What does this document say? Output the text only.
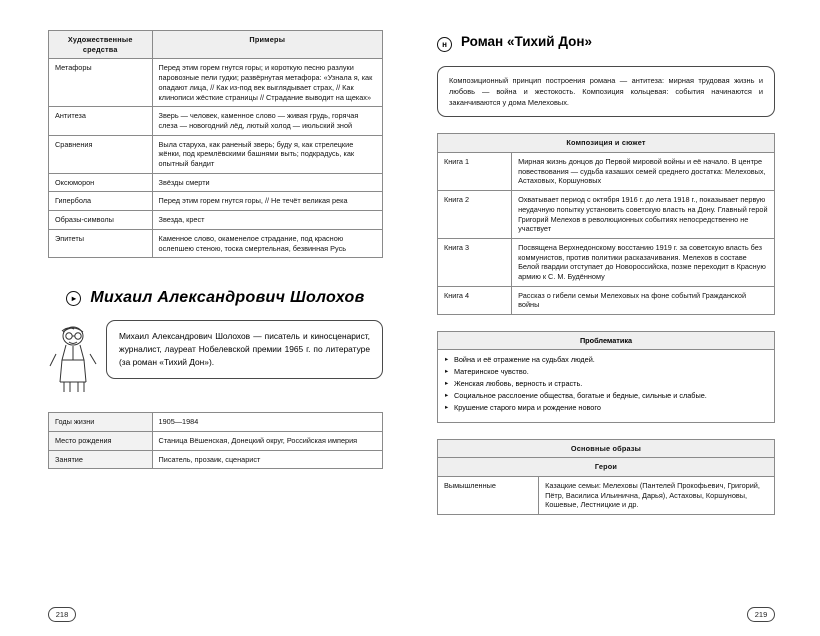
Художественные средства	Примеры
Метафоры	Перед этим горем гнутся горы; и короткую песню разлуки паровозные пели гудки; развёрнутая метафора: «Узнала я, как опадают лица, // Как из-под век выглядывает страх, // Как клинописи жёсткие страницы // Страдание выводит на щеках»
Антитеза	Зверь — человек, каменное слово — живая грудь, горячая слеза — новогодний лёд, лютый холод — июльский зной
Сравнения	Выла старуха, как раненый зверь; буду я, как стрелецкие жёнки, под кремлёвскими башнями выть; подкрадусь, как опытный бандит
Оксюморон	Звёзды смерти
Гипербола	Перед этим горем гнутся горы, // Не течёт великая река
Образы-символы	Звезда, крест
Эпитеты	Каменное слово, окаменелое страдание, под красною ослепшею стеною, тоска смертельная, безвинная Русь
▸ Михаил Александрович Шолохов
Михаил Александрович Шолохов — писатель и киносценарист, журналист, лауреат Нобелевской премии 1965 г. по литературе (за роман «Тихий Дон»).
Годы жизни	1905—1984
Место рождения	Станица Вёшенская, Донецкий округ, Российская империя
Занятие	Писатель, прозаик, сценарист
н	Роман «Тихий Дон»
Композиционный принцип построения романа — антитеза: мирная трудовая жизнь и любовь — война и жестокость. Композиция кольцевая: события начинаются и заканчиваются у дома Мелеховых.
Композиция и сюжет	
Книга 1	Мирная жизнь донцов до Первой мировой войны и её начало. В центре повествования — судьба казаших семей среднего достатка: Мелеховых, Астаховых, Коршуновых
Книга 2	Охватывает период с октября 1916 г. до лета 1918 г., показывает первую неудачную попытку установить советскую власть на Дону. Главный герой Григорий Мелехов в революционных событиях непосредственно не участвует
Книга 3	Посвящена Верхнедонскому восстанию 1919 г. за советскую власть без коммунистов, против политики расказачивания. Мелехов в составе Белой гвардии отступает до Новороссийска, позже переходит в Красную армию к С. М. Будённому
Книга 4	Рассказ о гибели семьи Мелеховых на фоне событий Гражданской войны
Проблематика
▸ Война и её отражение на судьбах людей.
▸ Материнское чувство.
▸ Женская любовь, верность и страсть.
▸ Социальное расслоение общества, богатые и бедные, сильные и слабые.
▸ Крушение старого мира и рождение нового
Основные образы
Герои
Вымышленные	Казацкие семьи: Мелеховы (Пантелей Прокофьевич, Григорий, Пётр, Василиса Ильинична, Дарья), Астаховы, Коршуновы, Кошевые, Лестницкие и др.
218	219
